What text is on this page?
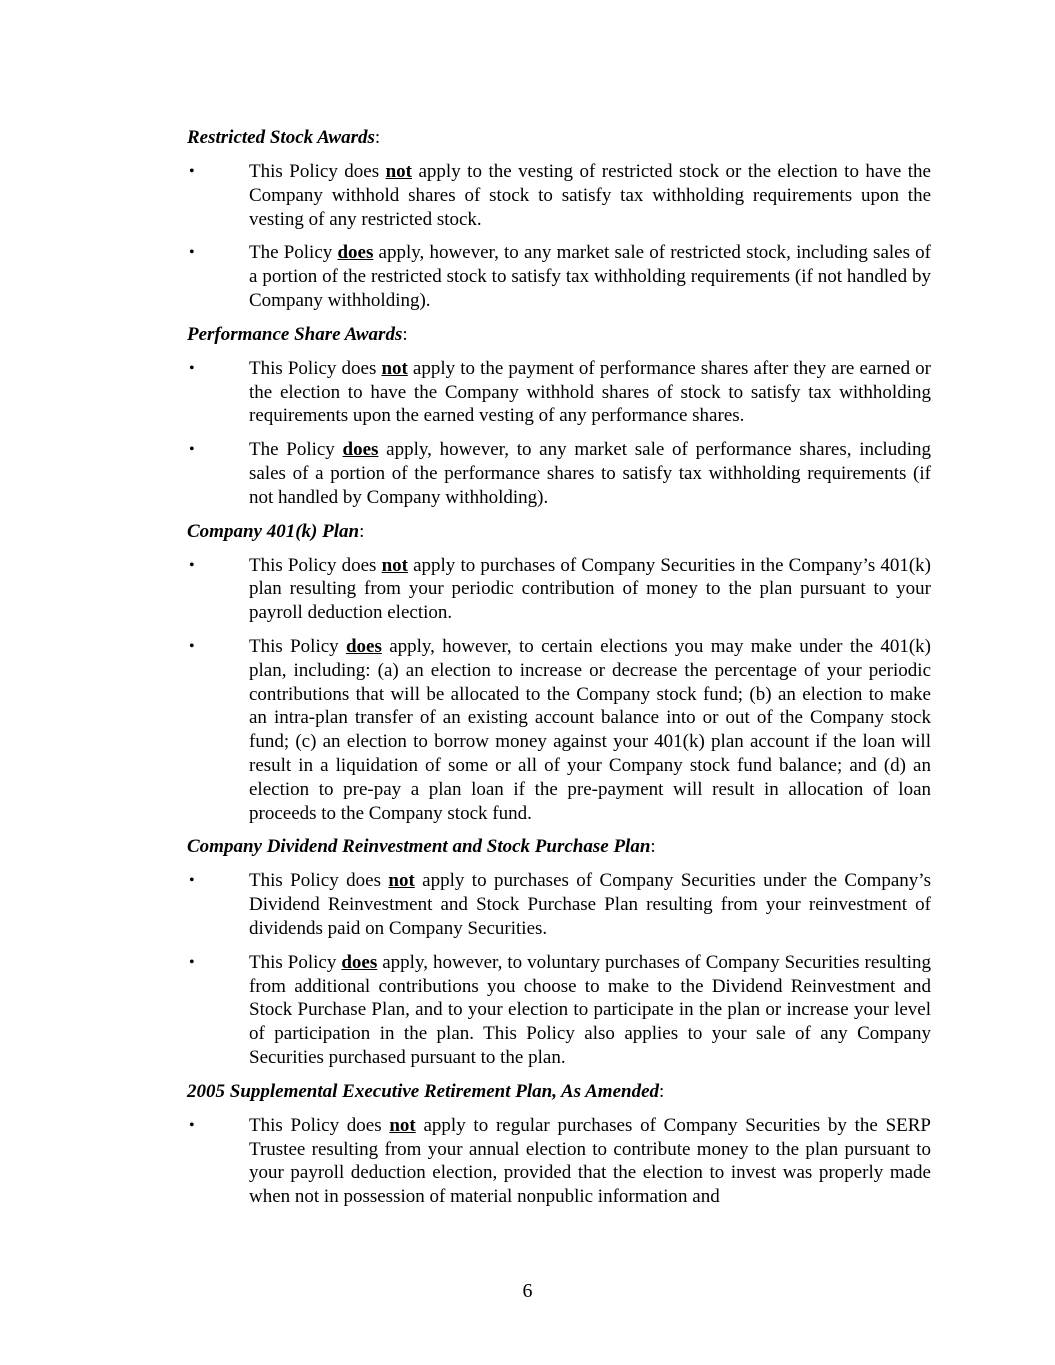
Restricted Stock Awards:

•	This Policy does not apply to the vesting of restricted stock or the election to have the Company withhold shares of stock to satisfy tax withholding requirements upon the vesting of any restricted stock.
•	The Policy does apply, however, to any market sale of restricted stock, including sales of a portion of the restricted stock to satisfy tax withholding requirements (if not handled by Company withholding).

Performance Share Awards:

•	This Policy does not apply to the payment of performance shares after they are earned or the election to have the Company withhold shares of stock to satisfy tax withholding requirements upon the earned vesting of any performance shares.
•	The Policy does apply, however, to any market sale of performance shares, including sales of a portion of the performance shares to satisfy tax withholding requirements (if not handled by Company withholding).

Company 401(k) Plan:

•	This Policy does not apply to purchases of Company Securities in the Company’s 401(k) plan resulting from your periodic contribution of money to the plan pursuant to your payroll deduction election.
•	This Policy does apply, however, to certain elections you may make under the 401(k) plan, including: (a) an election to increase or decrease the percentage of your periodic contributions that will be allocated to the Company stock fund; (b) an election to make an intra-plan transfer of an existing account balance into or out of the Company stock fund; (c) an election to borrow money against your 401(k) plan account if the loan will result in a liquidation of some or all of your Company stock fund balance; and (d) an election to pre-pay a plan loan if the pre-payment will result in allocation of loan proceeds to the Company stock fund.

Company Dividend Reinvestment and Stock Purchase Plan:

•	This Policy does not apply to purchases of Company Securities under the Company’s Dividend Reinvestment and Stock Purchase Plan resulting from your reinvestment of dividends paid on Company Securities.
•	This Policy does apply, however, to voluntary purchases of Company Securities resulting from additional contributions you choose to make to the Dividend Reinvestment and Stock Purchase Plan, and to your election to participate in the plan or increase your level of participation in the plan. This Policy also applies to your sale of any Company Securities purchased pursuant to the plan.

2005 Supplemental Executive Retirement Plan, As Amended:

•	This Policy does not apply to regular purchases of Company Securities by the SERP Trustee resulting from your annual election to contribute money to the plan pursuant to your payroll deduction election, provided that the election to invest was properly made when not in possession of material nonpublic information and
6
